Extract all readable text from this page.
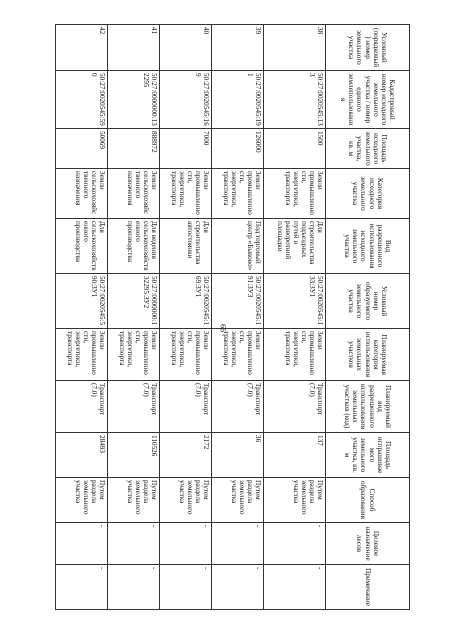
66
Условный (порядковый) номер земельного участка	Кадастровый номер исходного земельного участка / номер единого землепользования	Площадь исходного земельного участка, кв. м	Категория исходного земельного участка	Вид разрешенного использования исходного земельного участка	Условный номер образуемого земельного участка	Планируемая категория использования земельных участков	Планируемый вид разрешенного использования земельных участков (код)	Площадь испрашиваемого земельного участка, кв. м	Способ образования	Целевое назначение лесов	Примечание
38	50:27:0020545:133	1500	Земли промышленности, энергетики, транспорта	Для строительства подъездных путей и разворотной площадки	50:27:0020545:133:ЗУ1	Земли промышленности, энергетики, транспорта	Транспорт (7.0)	137	Путем раздела земельного участка	-	-
39	50:27:0020545:191	126000	Земли промышленности, энергетики, транспорта	Под торговый центр «Быково»	50:27:0020545:191:ЗУ3	Земли промышленности, энергетики, транспорта	Транспорт (7.0)	36	Путем раздела земельного участка	-	-
40	50:27:0020545:169	7000	Земли промышленности, энергетики, транспорта	Для строительства автостоянки	50:27:0020545:169:ЗУ1	Земли промышленности, энергетики, транспорта	Транспорт (7.0)	2172	Путем раздела земельного участка	-	-
41	50:27:0000000:132295	888972	Земли сельскохозяйственного назначения	Для ведения сельскохозяйственного производства	50:27:0000000:132295:ЗУ2	Земли промышленности, энергетики, транспорта	Транспорт (7.0)	110526	Путем раздела земельного участка	-	-
42	50:27:0020545:590	50069	Земли сельскохозяйственного назначения	Для сельскохозяйственного производства	50:27:0020545:590:ЗУ1	Земли промышленности, энергетики, транспорта	Транспорт (7.0)	28493	Путем раздела земельного участка	-	-
